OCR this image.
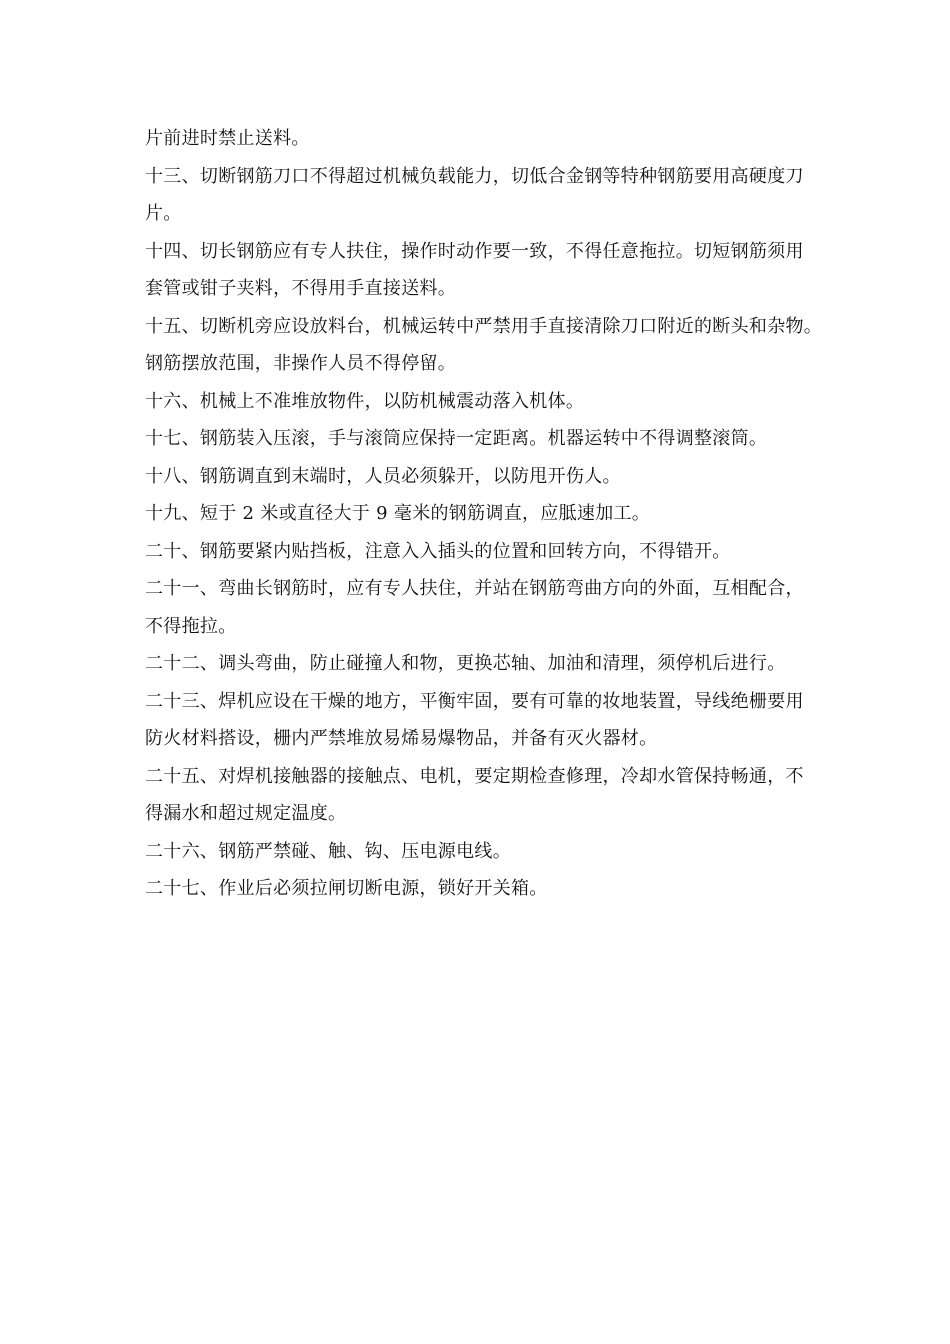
片前进时禁止送料。
十三、切断钢筋刀口不得超过机械负载能力，切低合金钢等特种钢筋要用高硬度刀
片。
十四、切长钢筋应有专人扶住，操作时动作要一致，不得任意拖拉。切短钢筋须用
套管或钳子夹料，不得用手直接送料。
十五、切断机旁应设放料台，机械运转中严禁用手直接清除刀口附近的断头和杂物。
钢筋摆放范围，非操作人员不得停留。
十六、机械上不准堆放物件，以防机械震动落入机体。
十七、钢筋装入压滚，手与滚筒应保持一定距离。机器运转中不得调整滚筒。
十八、钢筋调直到末端时，人员必须躲开，以防甩开伤人。
十九、短于 2 米或直径大于 9 毫米的钢筋调直，应胝速加工。
二十、钢筋要紧内贴挡板，注意入入插头的位置和回转方向，不得错开。
二十一、弯曲长钢筋时，应有专人扶住，并站在钢筋弯曲方向的外面，互相配合，
不得拖拉。
二十二、调头弯曲，防止碰撞人和物，更换芯轴、加油和清理，须停机后进行。
二十三、焊机应设在干燥的地方，平衡牢固，要有可靠的妆地装置，导线绝栅要用
防火材料搭设，栅内严禁堆放易烯易爆物品，并备有灭火器材。
二十五、对焊机接触器的接触点、电机，要定期检查修理，冷却水管保持畅通，不
得漏水和超过规定温度。
二十六、钢筋严禁碰、触、钩、压电源电线。
二十七、作业后必须拉闸切断电源，锁好开关箱。
